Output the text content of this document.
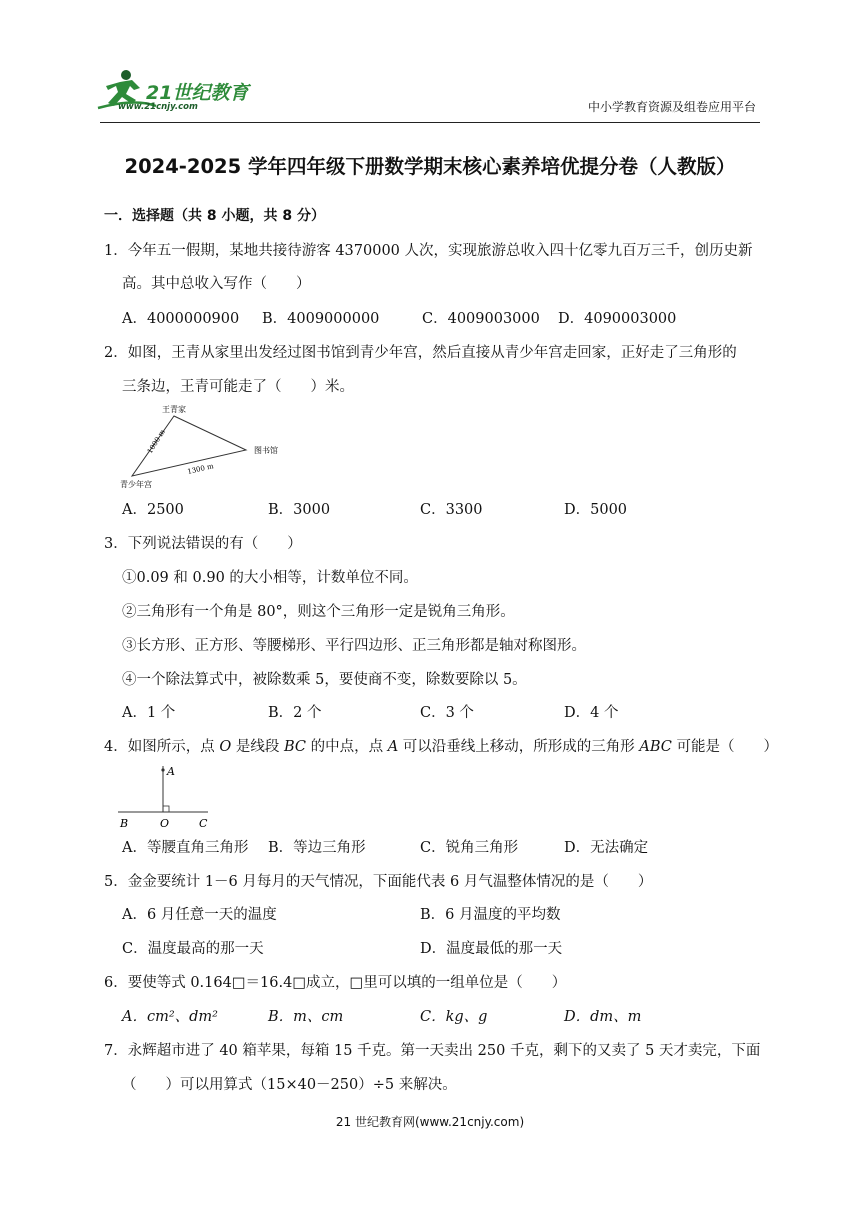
21世纪教育
www.21cnjy.com	中小学教育资源及组卷应用平台
2024-2025 学年四年级下册数学期末核心素养培优提分卷（人教版）
一．选择题（共 8 小题，共 8 分）
1．今年五一假期，某地共接待游客 4370000 人次，实现旅游总收入四十亿零九百万三千，创历史新
高。其中总收入写作（　　）
A．4000000900 B．4009000000	C．4009003000 D．4090003000
2．如图，王青从家里出发经过图书馆到青少年宫，然后直接从青少年宫走回家，正好走了三角形的
三条边，王青可能走了（　　）米。
王青家
图书馆
青少年宫
1000 m
1300 m
A．2500	B．3000	C．3300	D．5000
3．下列说法错误的有（　　）
①0.09 和 0.90 的大小相等，计数单位不同。
②三角形有一个角是 80°，则这个三角形一定是锐角三角形。
③长方形、正方形、等腰梯形、平行四边形、正三角形都是轴对称图形。
④一个除法算式中，被除数乘 5，要使商不变，除数要除以 5。
A．1 个	B．2 个	C．3 个	D．4 个
4．如图所示，点 O 是线段 BC 的中点，点 A 可以沿垂线上移动，所形成的三角形 ABC 可能是（　　）
A
B	O	C
A．等腰直角三角形 B．等边三角形	C．锐角三角形	D．无法确定
5．金金要统计 1－6 月每月的天气情况，下面能代表 6 月气温整体情况的是（　　）
A．6 月任意一天的温度	B．6 月温度的平均数
C．温度最高的那一天	D．温度最低的那一天
6．要使等式 0.164□＝16.4□成立，□里可以填的一组单位是（　　）
A．cm²、dm²	B．m、cm	C．kg、g	D．dm、m
7．永辉超市进了 40 箱苹果，每箱 15 千克。第一天卖出 250 千克，剩下的又卖了 5 天才卖完，下面
（　　）可以用算式（15×40－250）÷5 来解决。
21 世纪教育网(www.21cnjy.com)
